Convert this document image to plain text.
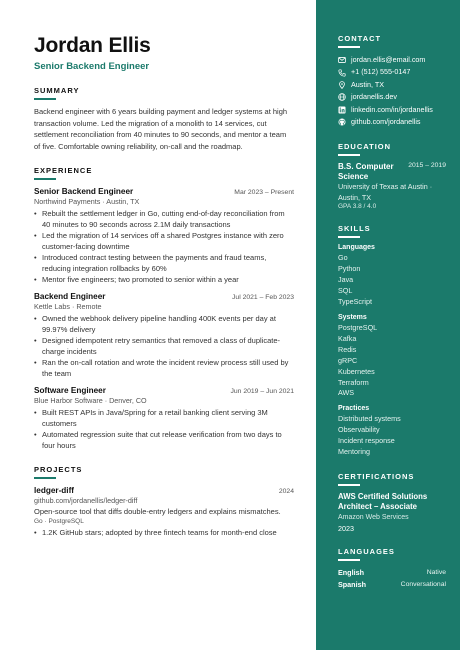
Jordan Ellis
Senior Backend Engineer
SUMMARY
Backend engineer with 6 years building payment and ledger systems at high transaction volume. Led the migration of a monolith to 14 services, cut settlement reconciliation from 40 minutes to 90 seconds, and mentor a team of five. Comfortable owning reliability, on-call and the roadmap.
EXPERIENCE
Senior Backend Engineer	Mar 2023 – Present
Northwind Payments · Austin, TX
• Rebuilt the settlement ledger in Go, cutting end-of-day reconciliation from 40 minutes to 90 seconds across 2.1M daily transactions
• Led the migration of 14 services off a shared Postgres instance with zero customer-facing downtime
• Introduced contract testing between the payments and fraud teams, reducing integration rollbacks by 60%
• Mentor five engineers; two promoted to senior within a year
Backend Engineer	Jul 2021 – Feb 2023
Kettle Labs · Remote
• Owned the webhook delivery pipeline handling 400K events per day at 99.97% delivery
• Designed idempotent retry semantics that removed a class of duplicate-charge incidents
• Ran the on-call rotation and wrote the incident review process still used by the team
Software Engineer	Jun 2019 – Jun 2021
Blue Harbor Software · Denver, CO
• Built REST APIs in Java/Spring for a retail banking client serving 3M customers
• Automated regression suite that cut release verification from two days to four hours
PROJECTS
ledger-diff	2024
github.com/jordanellis/ledger-diff
Open-source tool that diffs double-entry ledgers and explains mismatches.
Go · PostgreSQL
• 1.2K GitHub stars; adopted by three fintech teams for month-end close
CONTACT
jordan.ellis@email.com
+1 (512) 555-0147
Austin, TX
jordanellis.dev
linkedin.com/in/jordanellis
github.com/jordanellis
EDUCATION
B.S. Computer Science
2015 – 2019
University of Texas at Austin · Austin, TX
GPA 3.8 / 4.0
SKILLS
Languages
Go
Python
Java
SQL
TypeScript
Systems
PostgreSQL
Kafka
Redis
gRPC
Kubernetes
Terraform
AWS
Practices
Distributed systems
Observability
Incident response
Mentoring
CERTIFICATIONS
AWS Certified Solutions Architect – Associate
Amazon Web Services
2023
LANGUAGES
English	Native
Spanish	Conversational
